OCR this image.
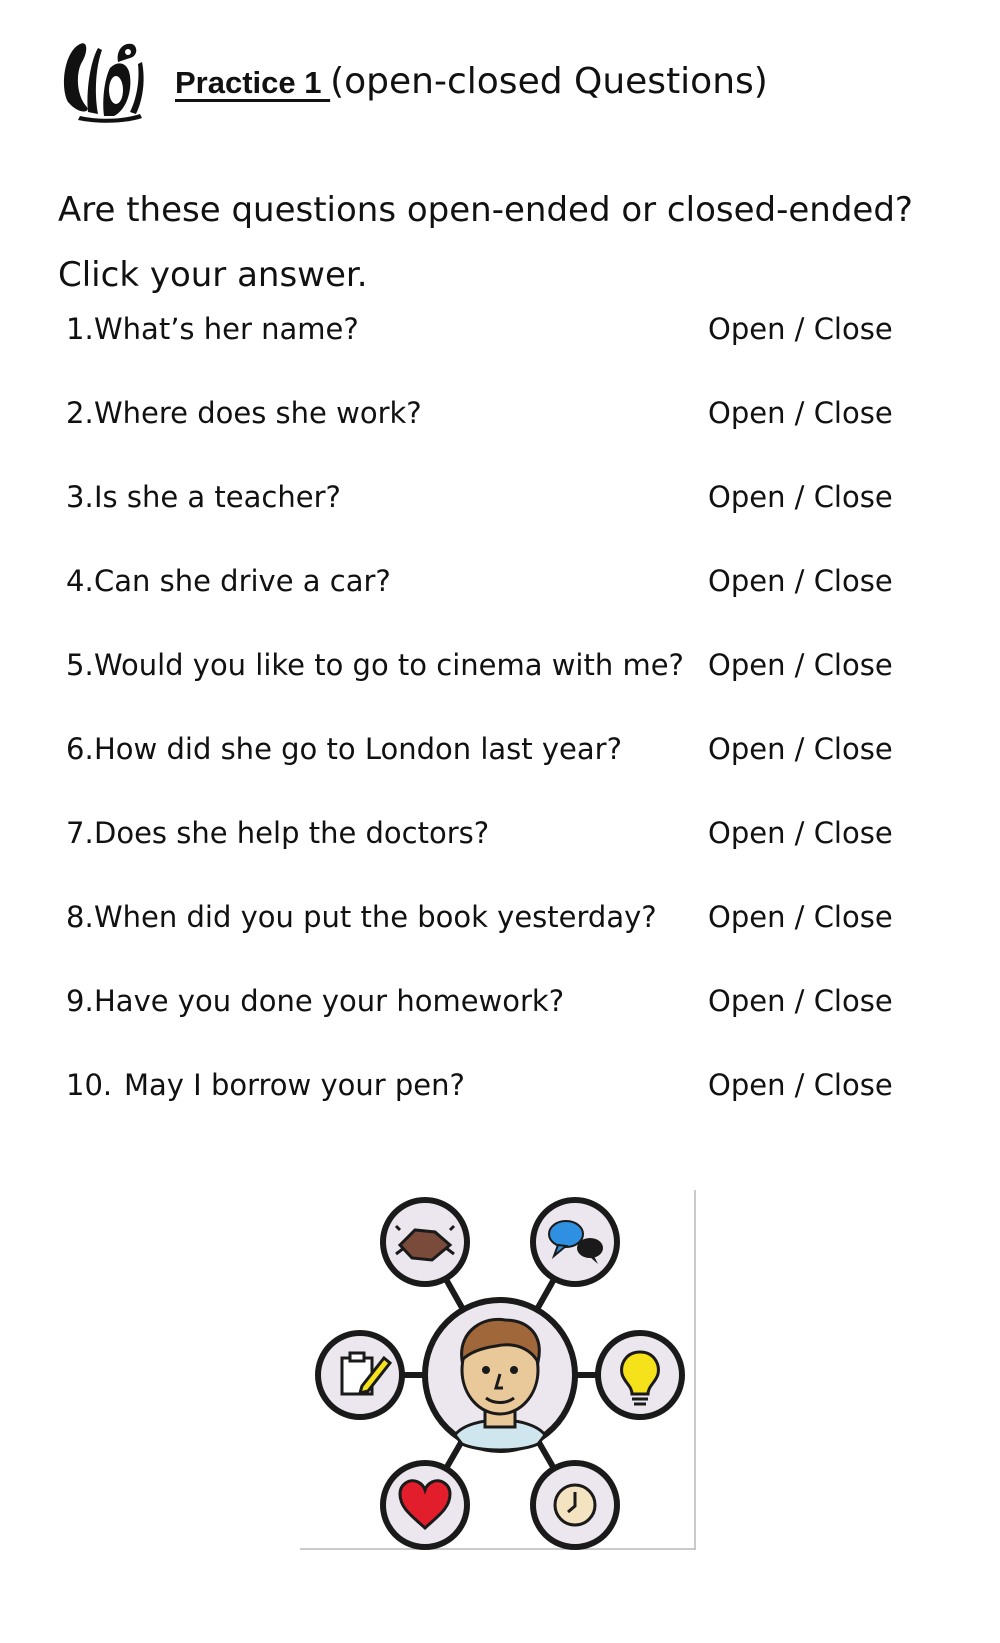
Practice 1 (open-closed Questions)
Are these questions open-ended or closed-ended?
Click your answer.
1. What’s her name?	Open / Close
2. Where does she work?	Open / Close
3. Is she a teacher?	Open / Close
4. Can she drive a car?	Open / Close
5. Would you like to go to cinema with me? Open / Close
6. How did she go to London last year?	Open / Close
7. Does she help the doctors?	Open / Close
8. When did you put the book yesterday? Open / Close
9. Have you done your homework?	Open / Close
10. May I borrow your pen?	Open / Close
